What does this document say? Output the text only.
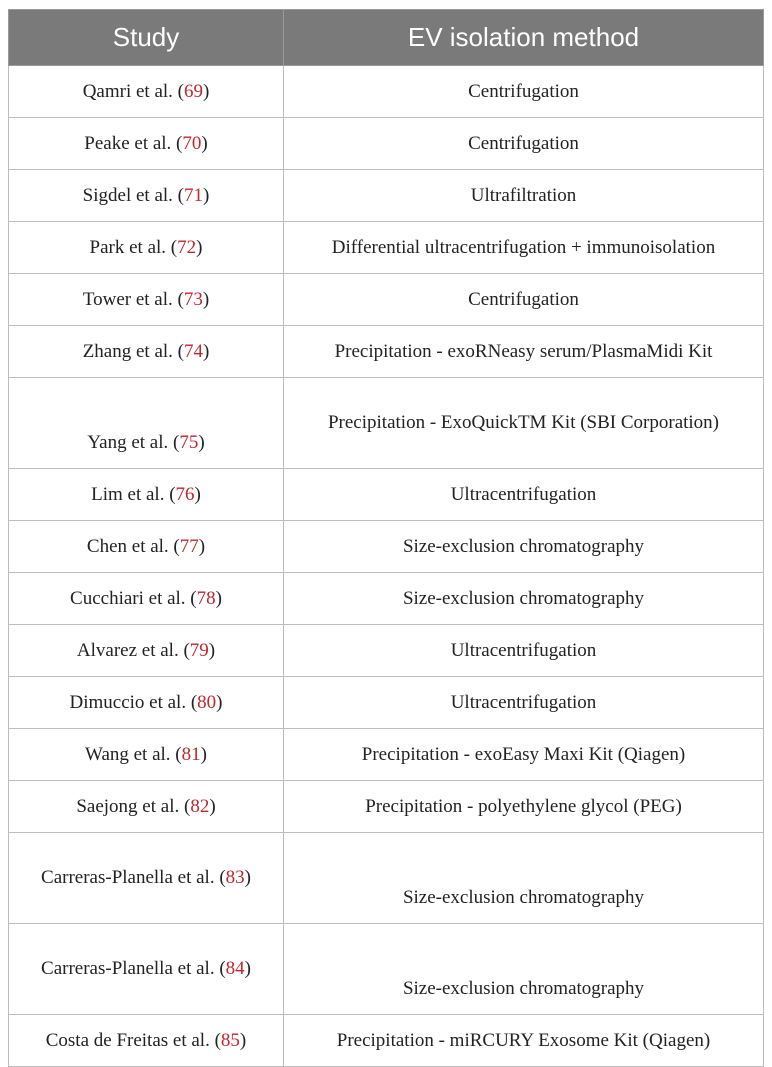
Study	EV isolation method
Qamri et al. (69)	Centrifugation
Peake et al. (70)	Centrifugation
Sigdel et al. (71)	Ultrafiltration
Park et al. (72)	Differential ultracentrifugation + immunoisolation
Tower et al. (73)	Centrifugation
Zhang et al. (74)	Precipitation - exoRNeasy serum/PlasmaMidi Kit
Yang et al. (75)	Precipitation - ExoQuickTM Kit (SBI Corporation)
Lim et al. (76)	Ultracentrifugation
Chen et al. (77)	Size-exclusion chromatography
Cucchiari et al. (78)	Size-exclusion chromatography
Alvarez et al. (79)	Ultracentrifugation
Dimuccio et al. (80)	Ultracentrifugation
Wang et al. (81)	Precipitation - exoEasy Maxi Kit (Qiagen)
Saejong et al. (82)	Precipitation - polyethylene glycol (PEG)
Carreras-Planella et al. (83)	Size-exclusion chromatography
Carreras-Planella et al. (84)	Size-exclusion chromatography
Costa de Freitas et al. (85)	Precipitation - miRCURY Exosome Kit (Qiagen)
